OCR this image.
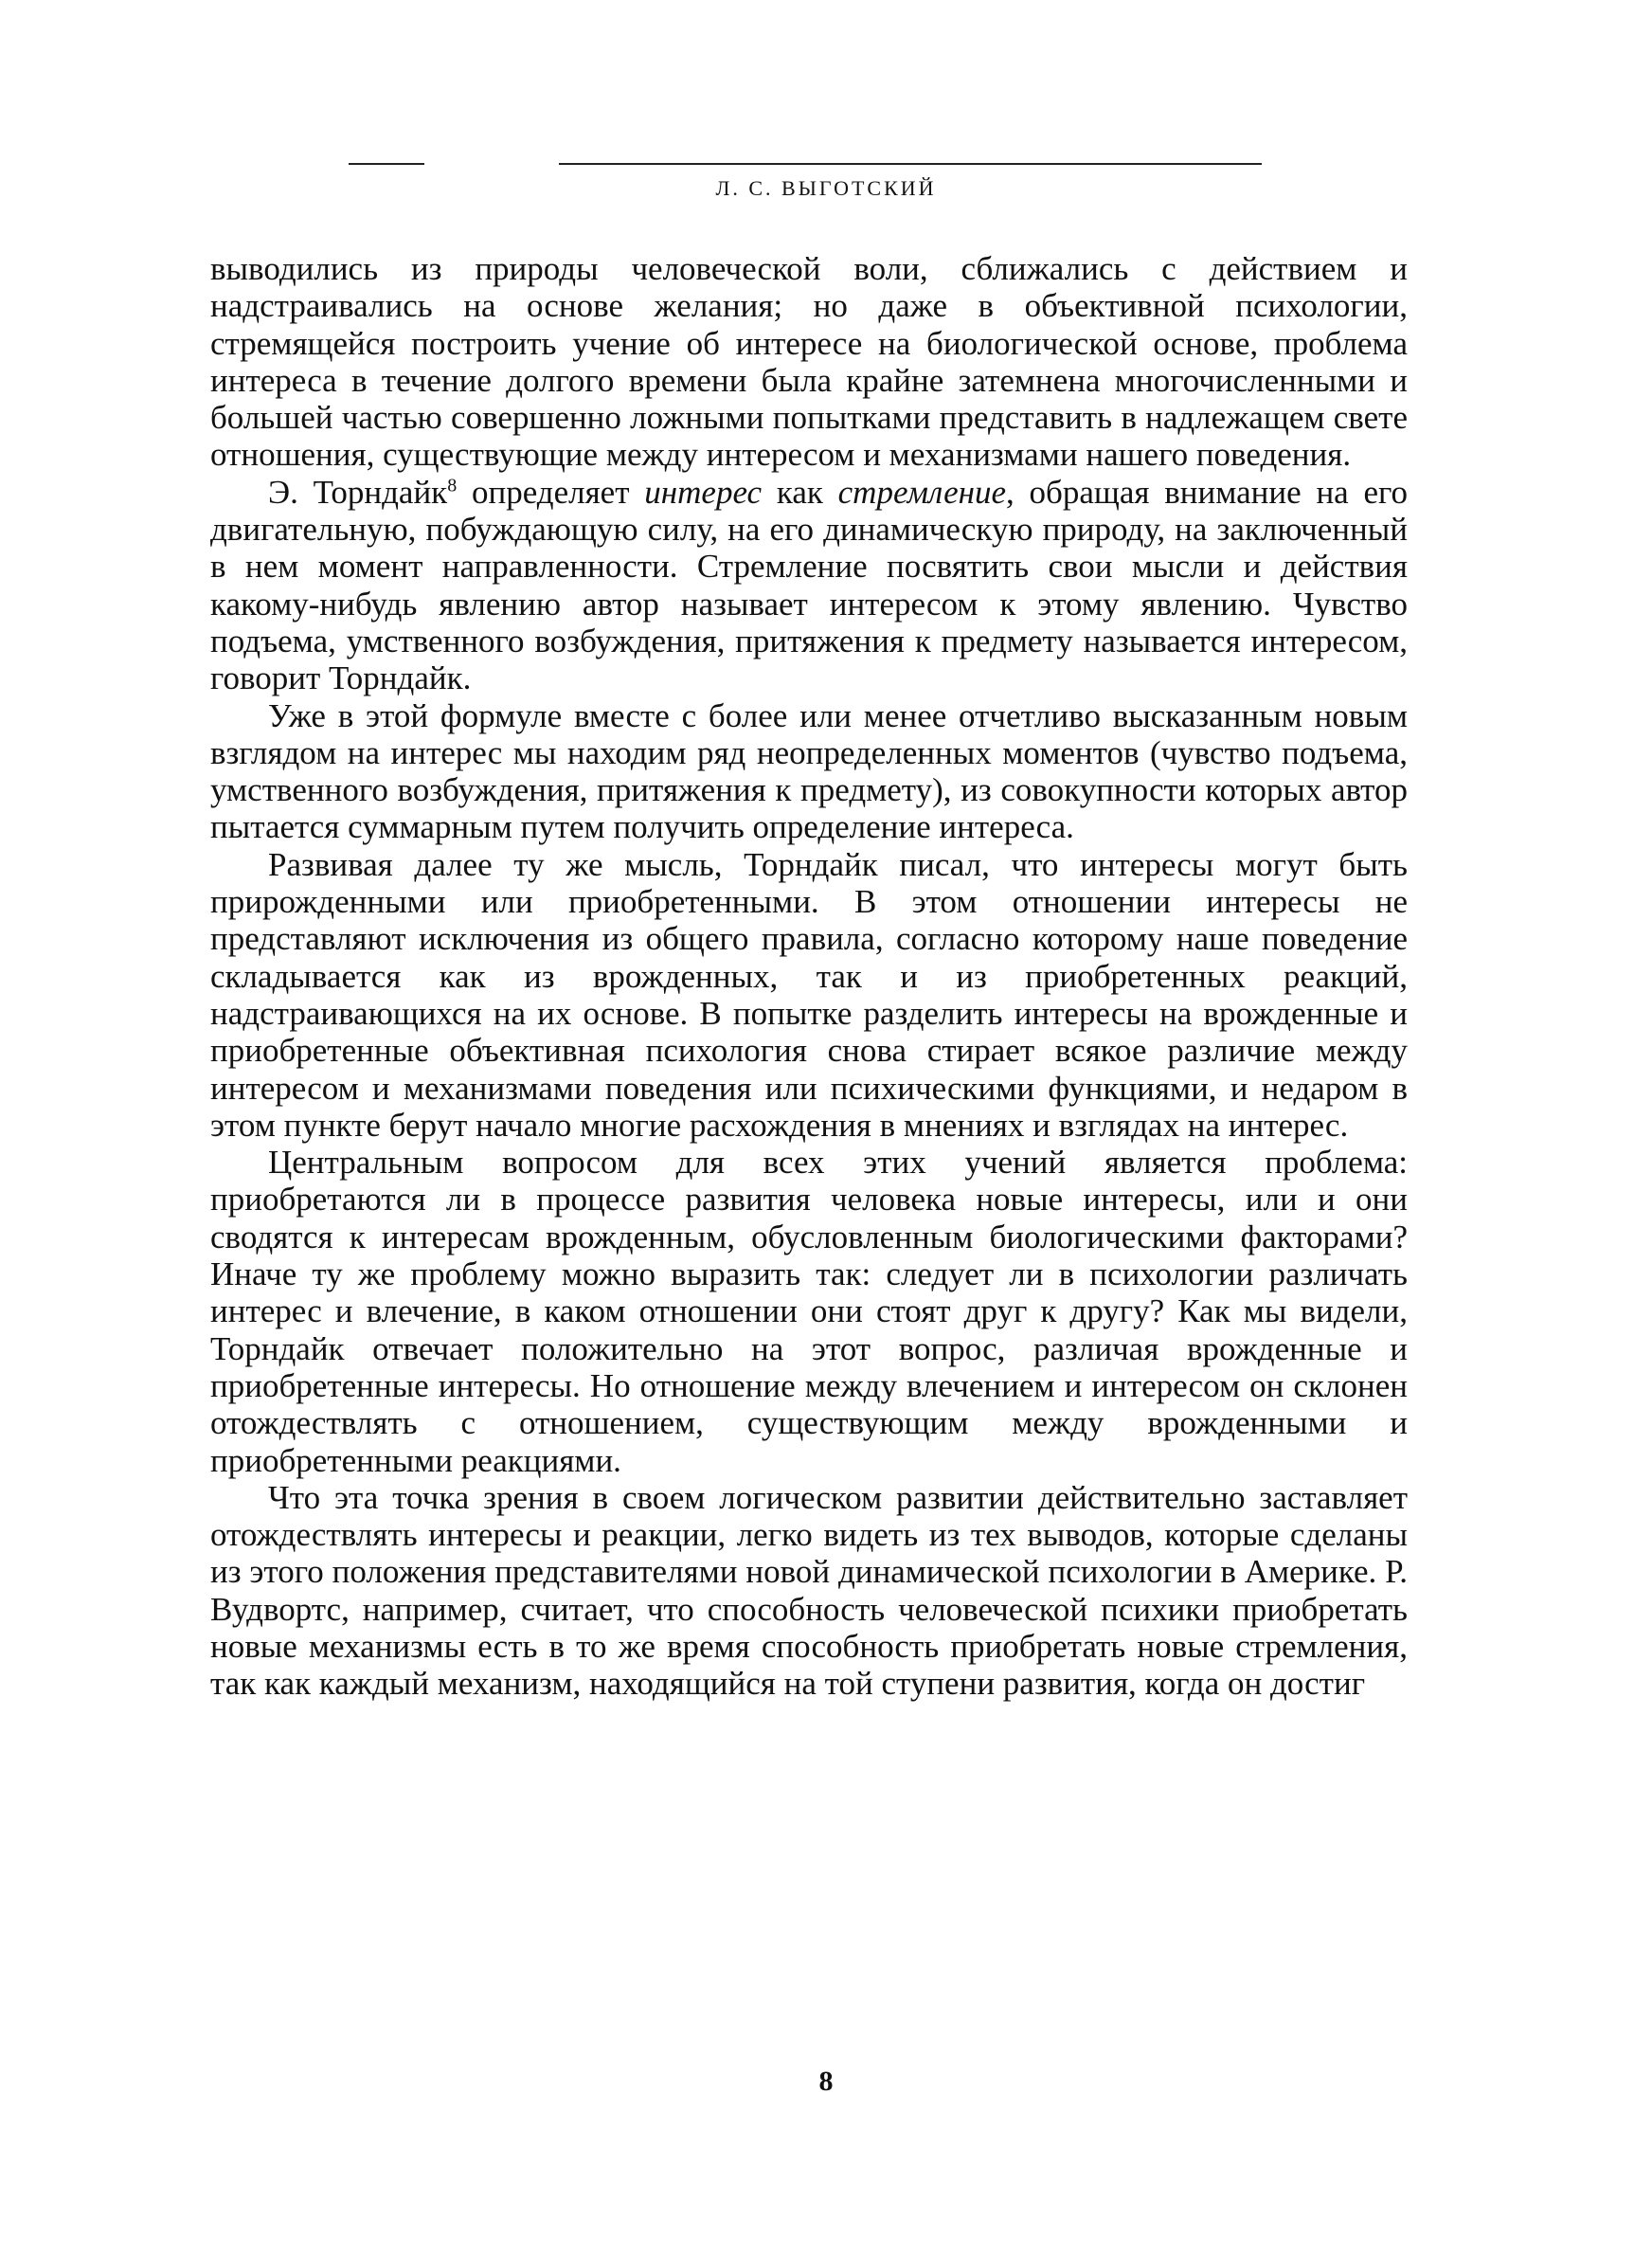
Л. С. ВЫГОТСКИЙ

выводились из природы человеческой воли, сближались с действием и надстраивались на основе желания; но даже в объективной психологии, стремящейся построить учение об интересе на биологической основе, проблема интереса в течение долгого времени была крайне затемнена многочисленными и большей частью совершенно ложными попытками представить в надлежащем свете отношения, существующие между интересом и механизмами нашего поведения.

Э. Торндайк$^8$ определяет интерес как стремление, обращая внимание на его двигательную, побуждающую силу, на его динамическую природу, на заключенный в нем момент направленности. Стремление посвятить свои мысли и действия какому-нибудь явлению автор называет интересом к этому явлению. Чувство подъема, умственного возбуждения, притяжения к предмету называется интересом, говорит Торндайк.

Уже в этой формуле вместе с более или менее отчетливо высказанным новым взглядом на интерес мы находим ряд неопределенных моментов (чувство подъема, умственного возбуждения, притяжения к предмету), из совокупности которых автор пытается суммарным путем получить определение интереса.

Развивая далее ту же мысль, Торндайк писал, что интересы могут быть прирожденными или приобретенными. В этом отношении интересы не представляют исключения из общего правила, согласно которому наше поведение складывается как из врожденных, так и из приобретенных реакций, надстраивающихся на их основе. В попытке разделить интересы на врожденные и приобретенные объективная психология снова стирает всякое различие между интересом и механизмами поведения или психическими функциями, и недаром в этом пункте берут начало многие расхождения в мнениях и взглядах на интерес.

Центральным вопросом для всех этих учений является проблема: приобретаются ли в процессе развития человека новые интересы, или и они сводятся к интересам врожденным, обусловленным биологическими факторами? Иначе ту же проблему можно выразить так: следует ли в психологии различать интерес и влечение, в каком отношении они стоят друг к другу? Как мы видели, Торндайк отвечает положительно на этот вопрос, различая врожденные и приобретенные интересы. Но отношение между влечением и интересом он склонен отождествлять с отношением, существующим между врожденными и приобретенными реакциями.

Что эта точка зрения в своем логическом развитии действительно заставляет отождествлять интересы и реакции, легко видеть из тех выводов, которые сделаны из этого положения представителями новой динамической психологии в Америке. Р. Вудвортс, например, считает, что способность человеческой психики приобретать новые механизмы есть в то же время способность приобретать новые стремления, так как каждый механизм, находящийся на той ступени развития, когда он достиг

8
